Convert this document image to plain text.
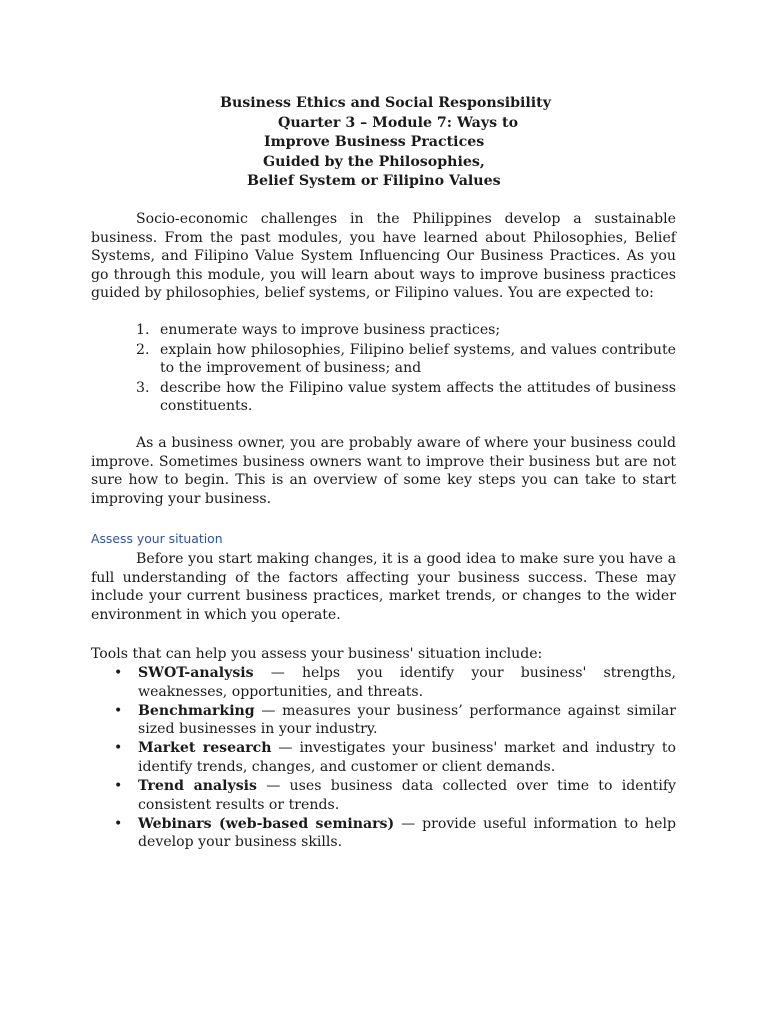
Business Ethics and Social Responsibility
Quarter 3 – Module 7: Ways to
Improve Business Practices
Guided by the Philosophies,
Belief System or Filipino Values

Socio-economic challenges in the Philippines develop a sustainable business. From the past modules, you have learned about Philosophies, Belief Systems, and Filipino Value System Influencing Our Business Practices. As you go through this module, you will learn about ways to improve business practices guided by philosophies, belief systems, or Filipino values. You are expected to:

1. enumerate ways to improve business practices;
2. explain how philosophies, Filipino belief systems, and values contribute to the improvement of business; and
3. describe how the Filipino value system affects the attitudes of business constituents.

As a business owner, you are probably aware of where your business could improve. Sometimes business owners want to improve their business but are not sure how to begin. This is an overview of some key steps you can take to start improving your business.

Assess your situation

Before you start making changes, it is a good idea to make sure you have a full understanding of the factors affecting your business success. These may include your current business practices, market trends, or changes to the wider environment in which you operate.

Tools that can help you assess your business' situation include:

• SWOT-analysis — helps you identify your business' strengths, weaknesses, opportunities, and threats.
• Benchmarking — measures your business’ performance against similar sized businesses in your industry.
• Market research — investigates your business' market and industry to identify trends, changes, and customer or client demands.
• Trend analysis — uses business data collected over time to identify consistent results or trends.
• Webinars (web-based seminars) — provide useful information to help develop your business skills.
